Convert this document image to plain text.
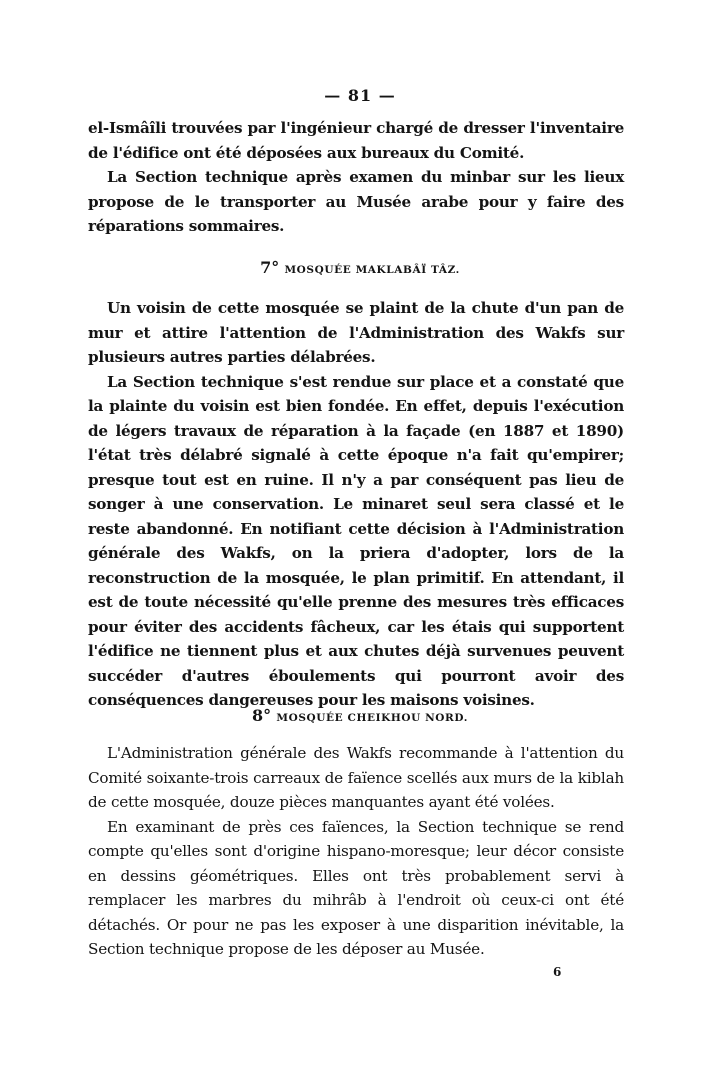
— 81 —

el-Ismâîli trouvées par l'ingénieur chargé de dresser l'inventaire de l'édifice ont été déposées aux bureaux du Comité.

La Section technique après examen du minbar sur les lieux propose de le transporter au Musée arabe pour y faire des réparations sommaires.

7° MOSQUÉE MAKLABÂÏ TÂZ.

Un voisin de cette mosquée se plaint de la chute d'un pan de mur et attire l'attention de l'Administration des Wakfs sur plusieurs autres parties délabrées.

La Section technique s'est rendue sur place et a constaté que la plainte du voisin est bien fondée. En effet, depuis l'exécution de légers travaux de réparation à la façade (en 1887 et 1890) l'état très délabré signalé à cette époque n'a fait qu'empirer; presque tout est en ruine. Il n'y a par conséquent pas lieu de songer à une conservation. Le minaret seul sera classé et le reste abandonné. En notifiant cette décision à l'Administration générale des Wakfs, on la priera d'adopter, lors de la reconstruction de la mosquée, le plan primitif. En attendant, il est de toute nécessité qu'elle prenne des mesures très efficaces pour éviter des accidents fâcheux, car les étais qui supportent l'édifice ne tiennent plus et aux chutes déjà survenues peuvent succéder d'autres éboulements qui pourront avoir des conséquences dangereuses pour les maisons voisines.

8° MOSQUÉE CHEIKHOU NORD.

L'Administration générale des Wakfs recommande à l'attention du Comité soixante-trois carreaux de faïence scellés aux murs de la kiblah de cette mosquée, douze pièces manquantes ayant été volées.

En examinant de près ces faïences, la Section technique se rend compte qu'elles sont d'origine hispano-moresque; leur décor consiste en dessins géométriques. Elles ont très probablement servi à remplacer les marbres du mihrâb à l'endroit où ceux-ci ont été détachés. Or pour ne pas les exposer à une disparition inévitable, la Section technique propose de les déposer au Musée.

6
